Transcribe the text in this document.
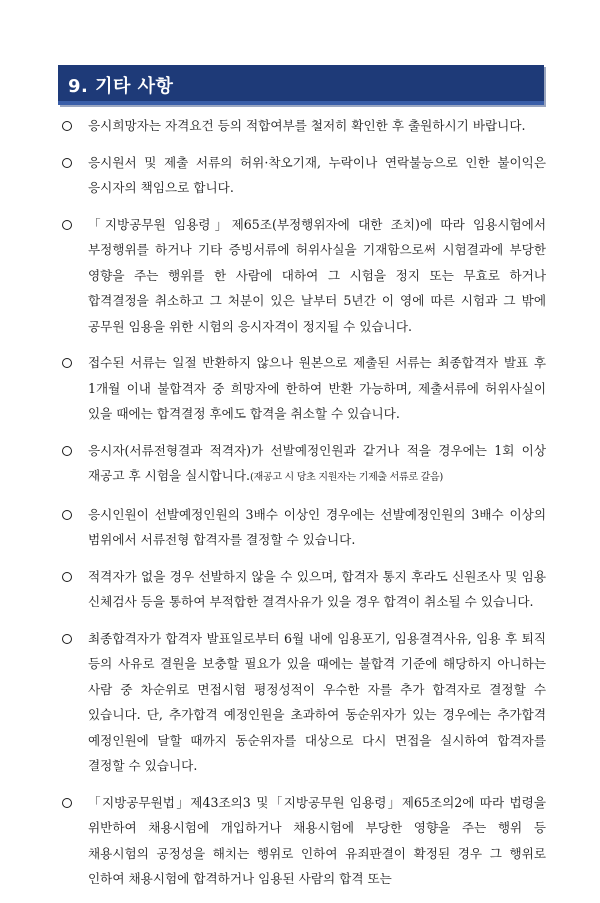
9. 기타 사항
응시희망자는 자격요건 등의 적합여부를 철저히 확인한 후 출원하시기 바랍니다.
응시원서 및 제출 서류의 허위·착오기재, 누락이나 연락불능으로 인한 불이익은 응시자의 책임으로 합니다.
「지방공무원 임용령」제65조(부정행위자에 대한 조치)에 따라 임용시험에서 부정행위를 하거나 기타 증빙서류에 허위사실을 기재함으로써 시험결과에 부당한 영향을 주는 행위를 한 사람에 대하여 그 시험을 정지 또는 무효로 하거나 합격결정을 취소하고 그 처분이 있은 날부터 5년간 이 영에 따른 시험과 그 밖에 공무원 임용을 위한 시험의 응시자격이 정지될 수 있습니다.
접수된 서류는 일절 반환하지 않으나 원본으로 제출된 서류는 최종합격자 발표 후 1개월 이내 불합격자 중 희망자에 한하여 반환 가능하며, 제출서류에 허위사실이 있을 때에는 합격결정 후에도 합격을 취소할 수 있습니다.
응시자(서류전형결과 적격자)가 선발예정인원과 같거나 적을 경우에는 1회 이상 재공고 후 시험을 실시합니다.(재공고 시 당초 지원자는 기제출 서류로 갈음)
응시인원이 선발예정인원의 3배수 이상인 경우에는 선발예정인원의 3배수 이상의 범위에서 서류전형 합격자를 결정할 수 있습니다.
적격자가 없을 경우 선발하지 않을 수 있으며, 합격자 통지 후라도 신원조사 및 임용 신체검사 등을 통하여 부적합한 결격사유가 있을 경우 합격이 취소될 수 있습니다.
최종합격자가 합격자 발표일로부터 6월 내에 임용포기, 임용결격사유, 임용 후 퇴직 등의 사유로 결원을 보충할 필요가 있을 때에는 불합격 기준에 해당하지 아니하는 사람 중 차순위로 면접시험 평정성적이 우수한 자를 추가 합격자로 결정할 수 있습니다. 단, 추가합격 예정인원을 초과하여 동순위자가 있는 경우에는 추가합격 예정인원에 달할 때까지 동순위자를 대상으로 다시 면접을 실시하여 합격자를 결정할 수 있습니다.
「지방공무원법」제43조의3 및「지방공무원 임용령」제65조의2에 따라 법령을 위반하여 채용시험에 개입하거나 채용시험에 부당한 영향을 주는 행위 등 채용시험의 공정성을 해치는 행위로 인하여 유죄판결이 확정된 경우 그 행위로 인하여 채용시험에 합격하거나 임용된 사람의 합격 또는
